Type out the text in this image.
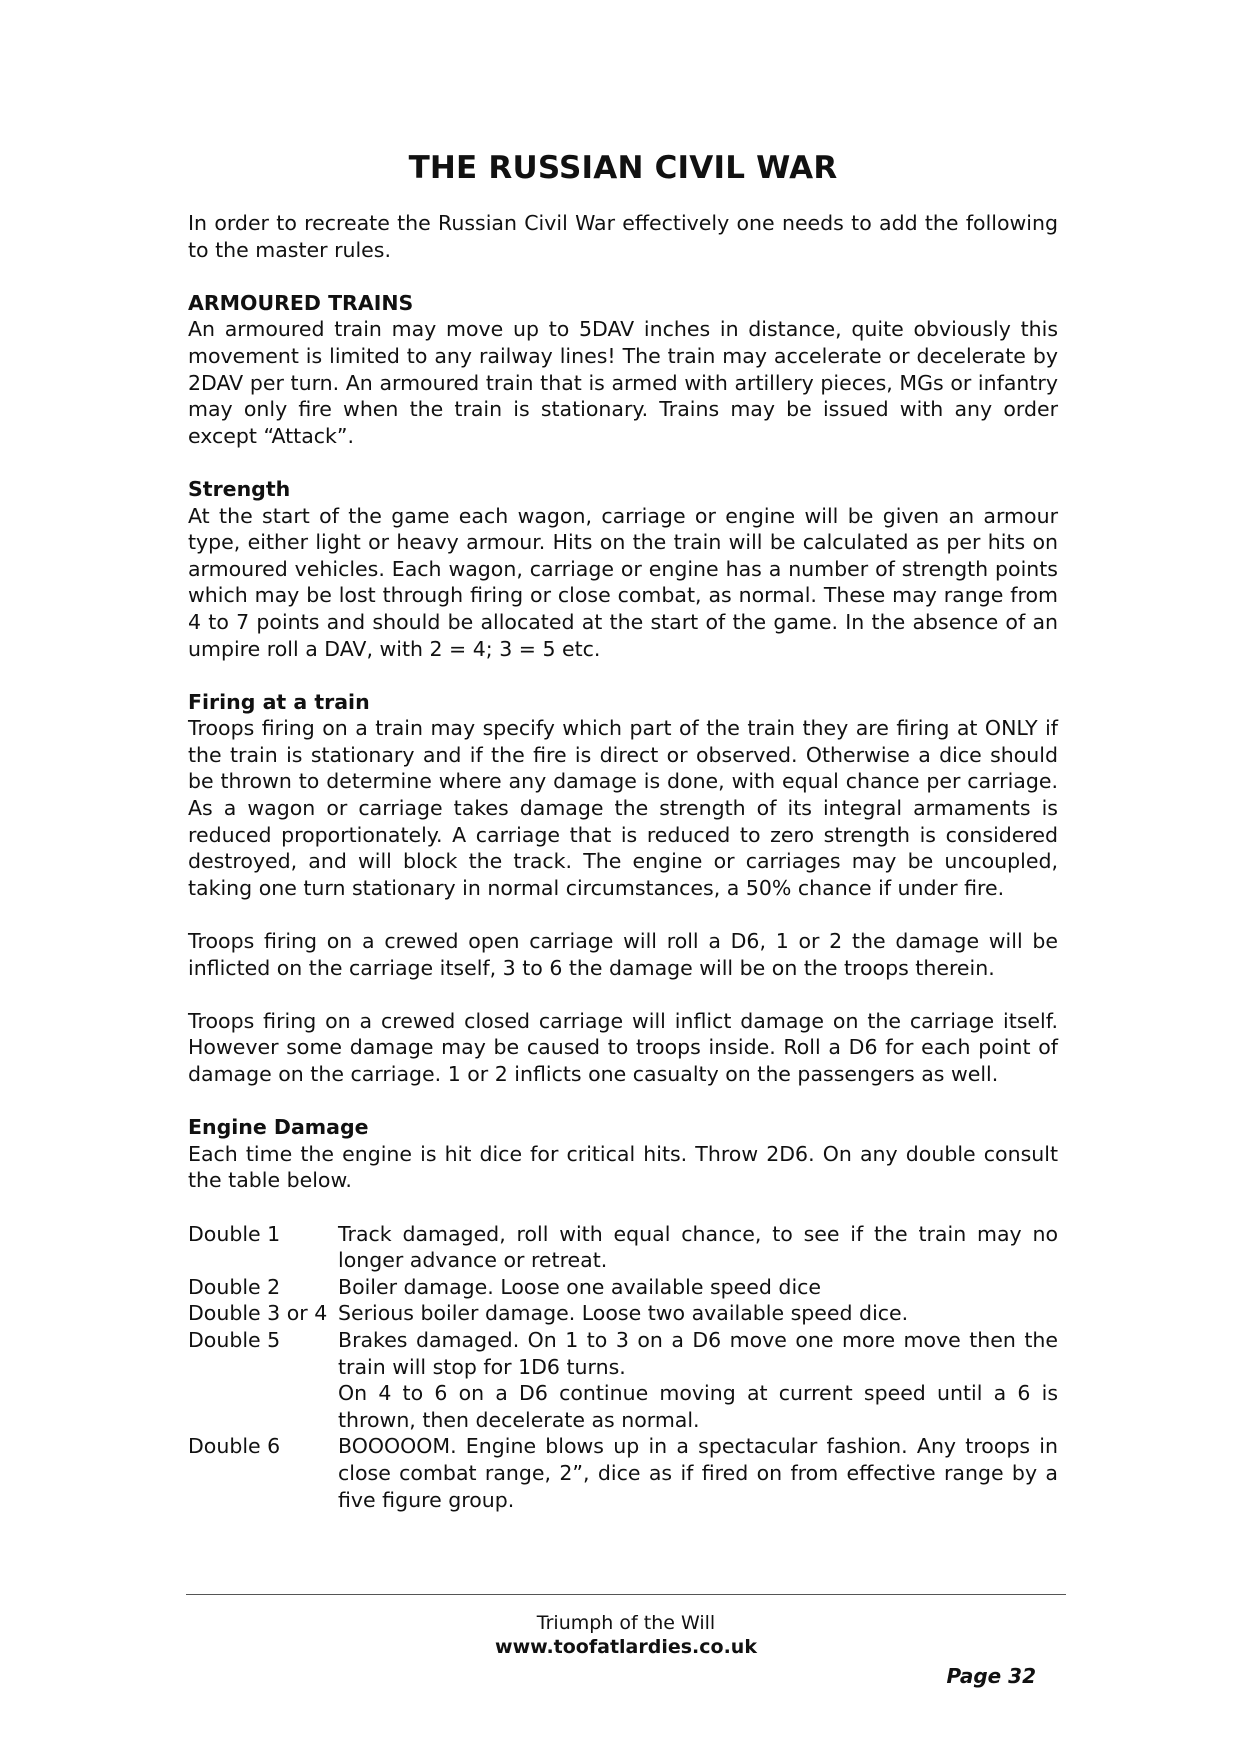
THE RUSSIAN CIVIL WAR

In order to recreate the Russian Civil War effectively one needs to add the following to the master rules.

ARMOURED TRAINS

An armoured train may move up to 5DAV inches in distance, quite obviously this movement is limited to any railway lines! The train may accelerate or decelerate by 2DAV per turn. An armoured train that is armed with artillery pieces, MGs or infantry may only fire when the train is stationary. Trains may be issued with any order except “Attack”.

Strength

At the start of the game each wagon, carriage or engine will be given an armour type, either light or heavy armour. Hits on the train will be calculated as per hits on armoured vehicles. Each wagon, carriage or engine has a number of strength points which may be lost through firing or close combat, as normal. These may range from 4 to 7 points and should be allocated at the start of the game. In the absence of an umpire roll a DAV, with 2 = 4; 3 = 5 etc.

Firing at a train

Troops firing on a train may specify which part of the train they are firing at ONLY if the train is stationary and if the fire is direct or observed. Otherwise a dice should be thrown to determine where any damage is done, with equal chance per carriage. As a wagon or carriage takes damage the strength of its integral armaments is reduced proportionately. A carriage that is reduced to zero strength is considered destroyed, and will block the track. The engine or carriages may be uncoupled, taking one turn stationary in normal circumstances, a 50% chance if under fire.

Troops firing on a crewed open carriage will roll a D6, 1 or 2 the damage will be inflicted on the carriage itself, 3 to 6 the damage will be on the troops therein.

Troops firing on a crewed closed carriage will inflict damage on the carriage itself. However some damage may be caused to troops inside. Roll a D6 for each point of damage on the carriage. 1 or 2 inflicts one casualty on the passengers as well.

Engine Damage

Each time the engine is hit dice for critical hits. Throw 2D6. On any double consult the table below.

Double 1	Track damaged, roll with equal chance, to see if the train may no longer advance or retreat.
Double 2	Boiler damage. Loose one available speed dice
Double 3 or 4 Serious boiler damage. Loose two available speed dice.
Double 5	Brakes damaged. On 1 to 3 on a D6 move one more move then the train will stop for 1D6 turns.
On 4 to 6 on a D6 continue moving at current speed until a 6 is thrown, then decelerate as normal.
Double 6	BOOOOOM. Engine blows up in a spectacular fashion. Any troops in close combat range, 2”, dice as if fired on from effective range by a five figure group.
Triumph of the Will
www.toofatlardies.co.uk
Page 32
